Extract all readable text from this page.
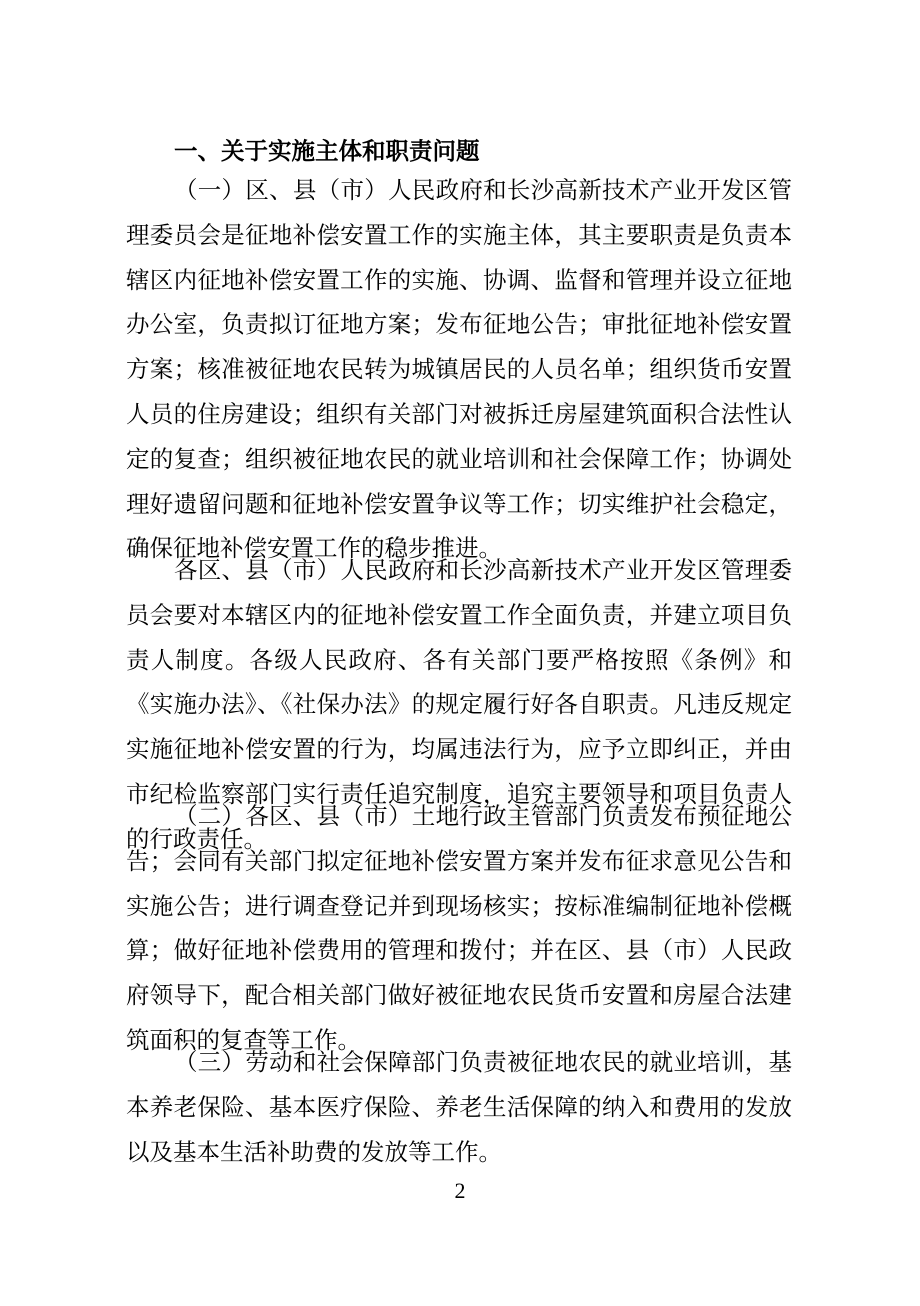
一、关于实施主体和职责问题

（一）区、县（市）人民政府和长沙高新技术产业开发区管理委员会是征地补偿安置工作的实施主体，其主要职责是负责本辖区内征地补偿安置工作的实施、协调、监督和管理并设立征地办公室，负责拟订征地方案；发布征地公告；审批征地补偿安置方案；核准被征地农民转为城镇居民的人员名单；组织货币安置人员的住房建设；组织有关部门对被拆迁房屋建筑面积合法性认定的复查；组织被征地农民的就业培训和社会保障工作；协调处理好遗留问题和征地补偿安置争议等工作；切实维护社会稳定，确保征地补偿安置工作的稳步推进。

各区、县（市）人民政府和长沙高新技术产业开发区管理委员会要对本辖区内的征地补偿安置工作全面负责，并建立项目负责人制度。各级人民政府、各有关部门要严格按照《条例》和《实施办法》、《社保办法》的规定履行好各自职责。凡违反规定实施征地补偿安置的行为，均属违法行为，应予立即纠正，并由市纪检监察部门实行责任追究制度，追究主要领导和项目负责人的行政责任。

（二）各区、县（市）土地行政主管部门负责发布预征地公告；会同有关部门拟定征地补偿安置方案并发布征求意见公告和实施公告；进行调查登记并到现场核实；按标准编制征地补偿概算；做好征地补偿费用的管理和拨付；并在区、县（市）人民政府领导下，配合相关部门做好被征地农民货币安置和房屋合法建筑面积的复查等工作。

（三）劳动和社会保障部门负责被征地农民的就业培训，基本养老保险、基本医疗保险、养老生活保障的纳入和费用的发放以及基本生活补助费的发放等工作。

2
